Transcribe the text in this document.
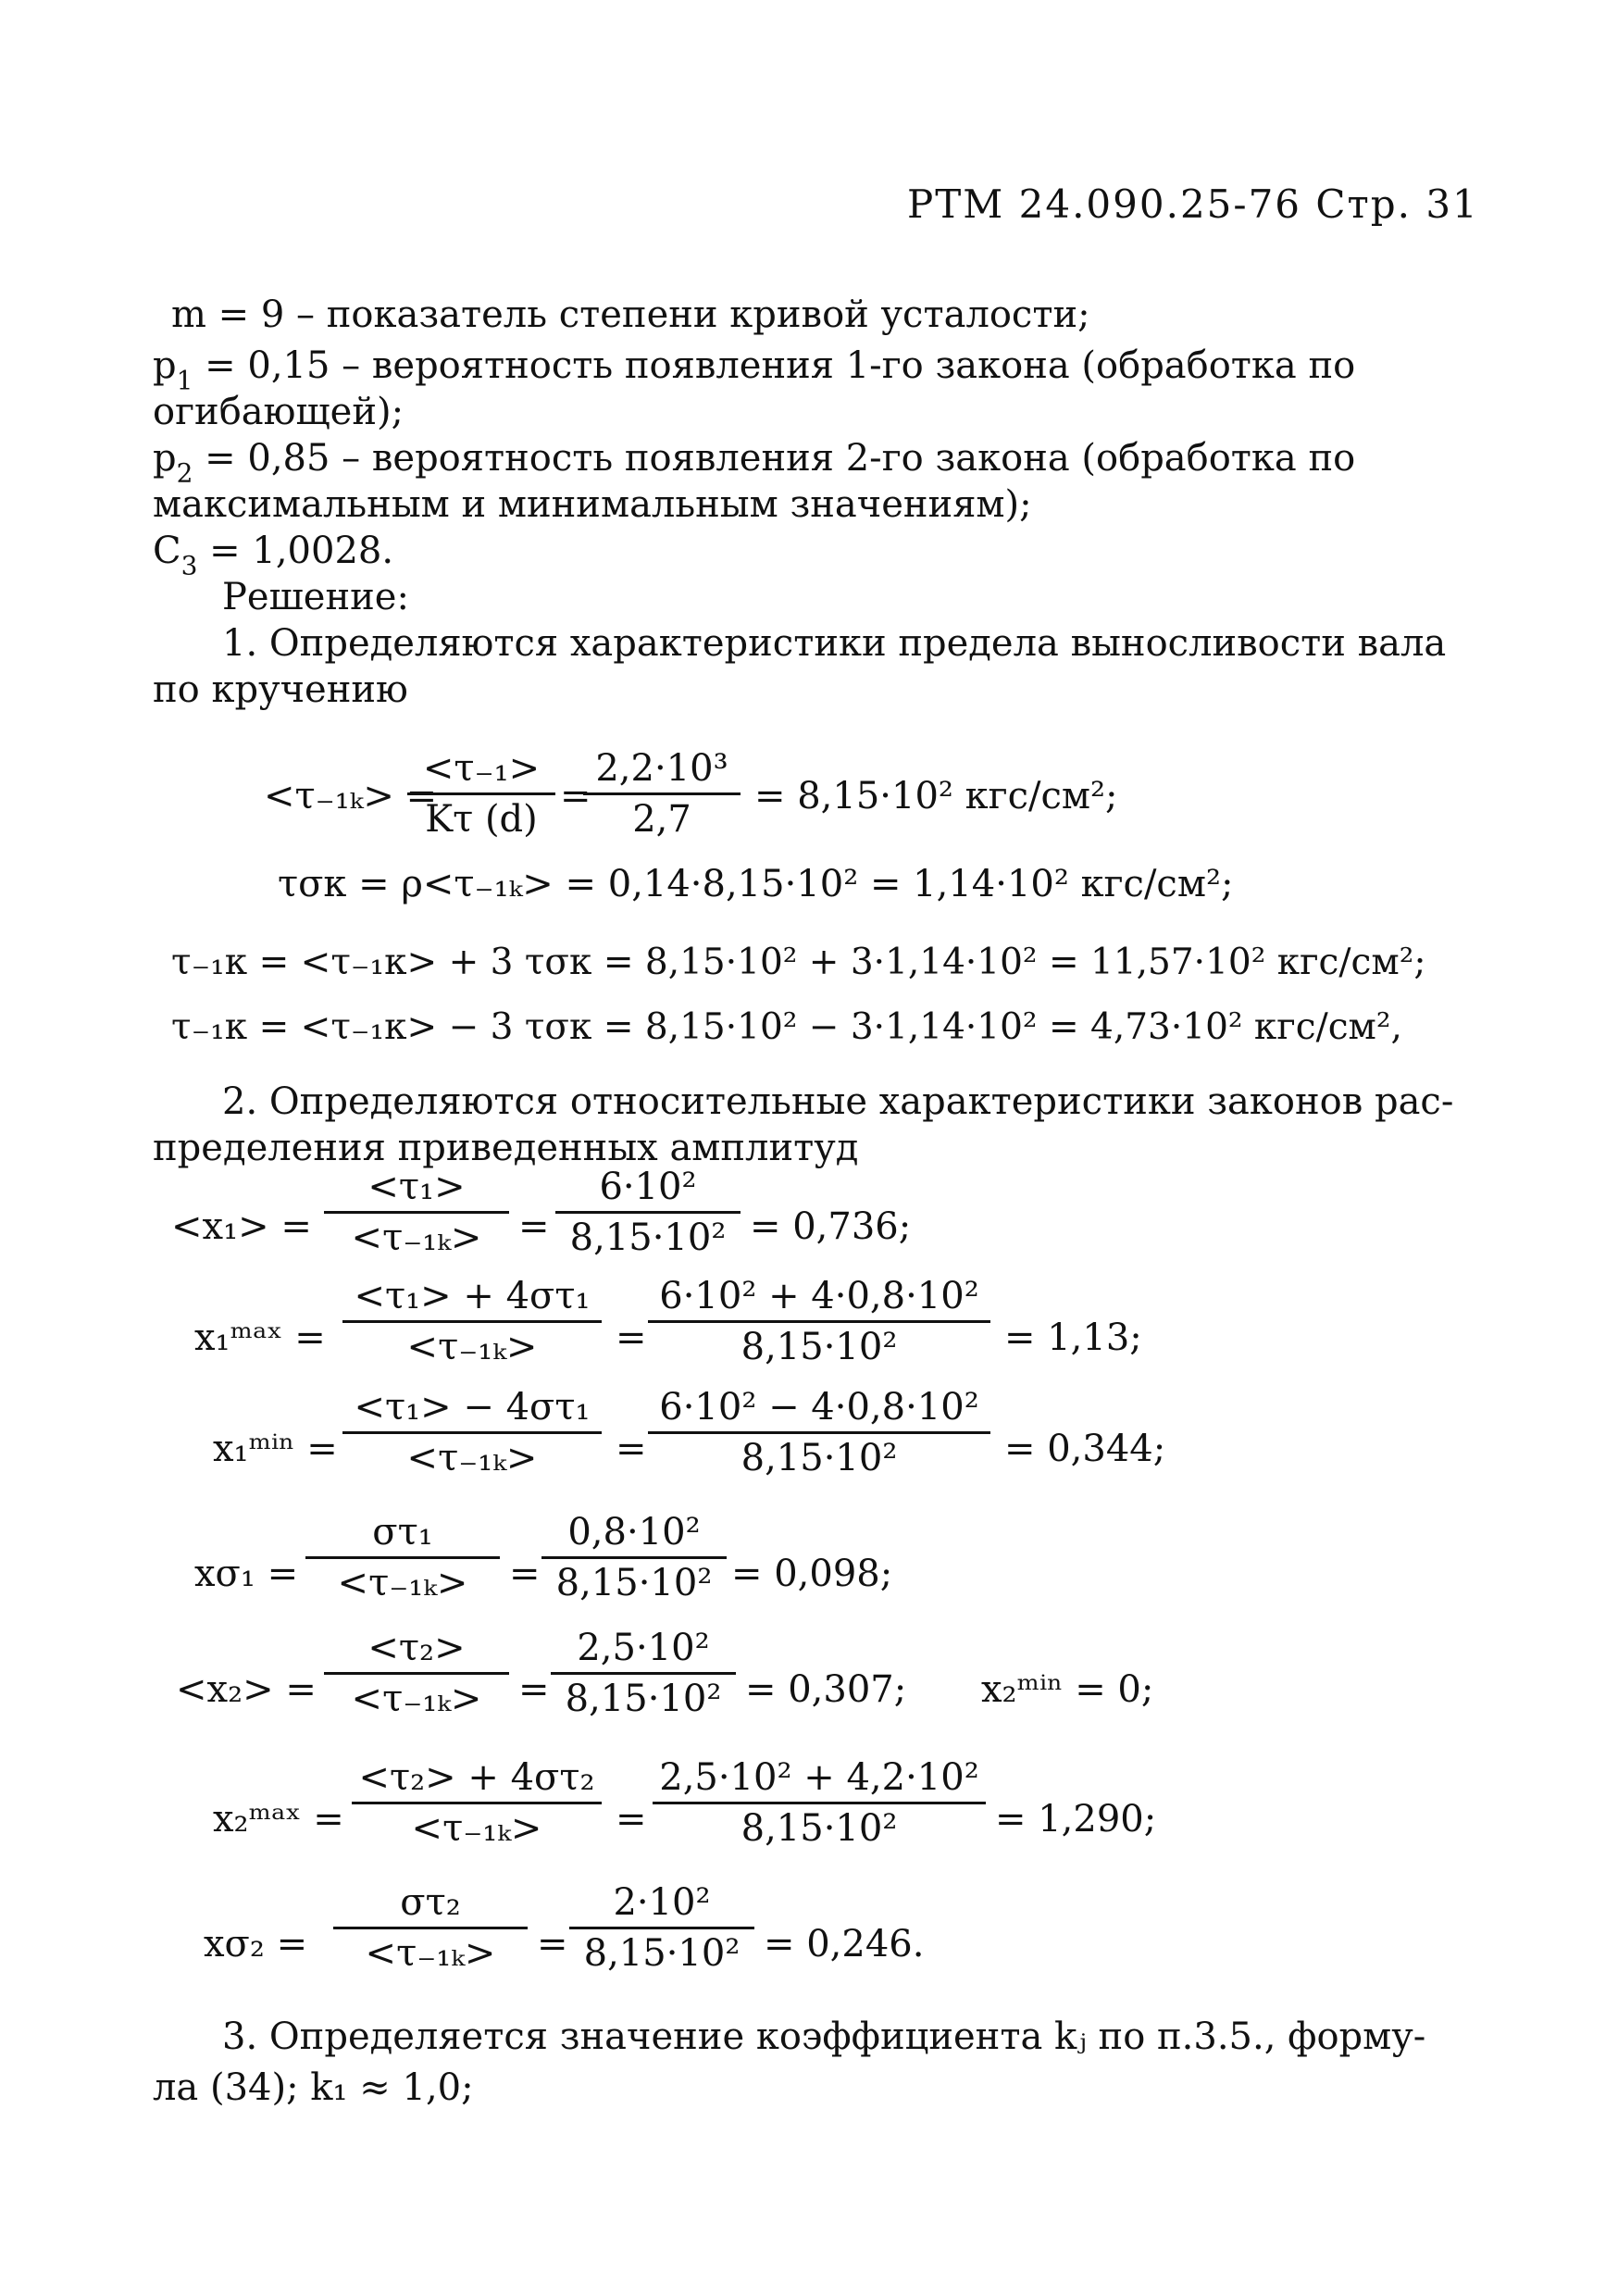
РТМ 24.090.25-76 Стр. 31
m = 9 – показатель степени кривой усталости;
$p_1 = 0,15$ – вероятность появления 1-го закона (обработка по
огибающей);
$p_2 = 0,85$ – вероятность появления 2-го закона (обработка по
максимальным и минимальным значениям);
$C_3 = 1,0028$.
Решение:
1. Определяются характеристики предела выносливости вала
по кручению
<τ₋₁ₖ> =
<τ₋₁>
Kτ (d)
=
2,2·10³
2,7
= 8,15·10² кгс/см²;
τσк = ρ<τ₋₁ₖ> = 0,14·8,15·10² = 1,14·10² кгс/см²;
τ₋₁к = <τ₋₁к> + 3 τσк = 8,15·10² + 3·1,14·10² = 11,57·10² кгс/см²;
τ₋₁к = <τ₋₁к> − 3 τσк = 8,15·10² − 3·1,14·10² = 4,73·10² кгс/см²,
2. Определяются относительные характеристики законов рас-
пределения приведенных амплитуд
<x₁> =
<τ₁>
<τ₋₁ₖ> =
6·10²
8,15·10² = 0,736;
x₁ᵐᵃˣ =
<τ₁> + 4στ₁
<τ₋₁ₖ>	=
6·10² + 4·0,8·10²
8,15·10²	= 1,13;
x₁ᵐⁱⁿ =
<τ₁> − 4στ₁
<τ₋₁ₖ>	=
6·10² − 4·0,8·10²
8,15·10²	= 0,344;
xσ₁ =
στ₁
<τ₋₁ₖ>	=
0,8·10²
8,15·10² = 0,098;
<x₂> =
<τ₂>
<τ₋₁ₖ> =
2,5·10²
8,15·10² = 0,307; x₂ᵐⁱⁿ = 0;
x₂ᵐᵃˣ =
<τ₂> + 4στ₂
<τ₋₁ₖ>	=
2,5·10² + 4,2·10²
8,15·10²	= 1,290;
xσ₂ =
στ₂
<τ₋₁ₖ>	=
2·10²
8,15·10² = 0,246.
3. Определяется значение коэффициента kⱼ по п.3.5., форму-
ла (34); k₁ ≈ 1,0;
